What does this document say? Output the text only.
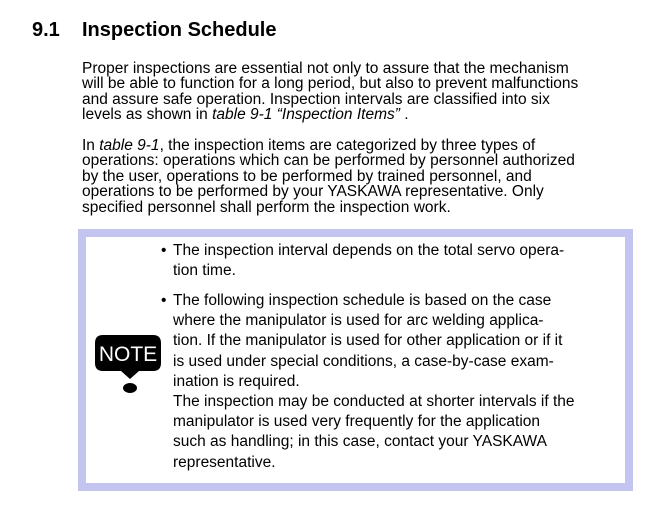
9.1 Inspection Schedule

Proper inspections are essential not only to assure that the mechanism
will be able to function for a long period, but also to prevent malfunctions
and assure safe operation. Inspection intervals are classified into six
levels as shown in table 9-1 “Inspection Items” .

In table 9-1, the inspection items are categorized by three types of
operations: operations which can be performed by personnel authorized
by the user, operations to be performed by trained personnel, and
operations to be performed by your YASKAWA representative. Only
specified personnel shall perform the inspection work.

NOTE
• The inspection interval depends on the total servo opera-
tion time.
• The following inspection schedule is based on the case
where the manipulator is used for arc welding applica-
tion. If the manipulator is used for other application or if it
is used under special conditions, a case-by-case exam-
ination is required.
The inspection may be conducted at shorter intervals if the
manipulator is used very frequently for the application
such as handling; in this case, contact your YASKAWA
representative.
